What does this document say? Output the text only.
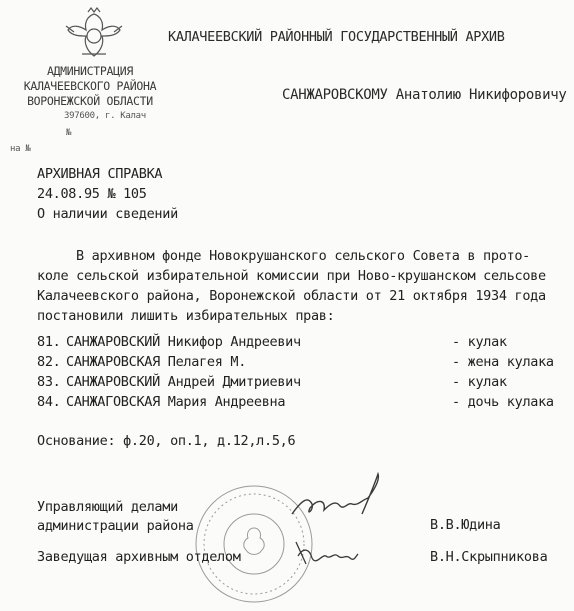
АДМИНИСТРАЦИЯ
КАЛАЧЕЕВСКОГО РАЙОНА
ВОРОНЕЖСКОЙ ОБЛАСТИ
397600, г. Калач
№
на №
КАЛАЧЕЕВСКИЙ РАЙОННЫЙ ГОСУДАРСТВЕННЫЙ АРХИВ
САНЖАРОВСКОМУ Анатолию Никифоровичу
АРХИВНАЯ СПРАВКА
24.08.95 № 105
О наличии сведений
В архивном фонде Новокрушанского сельского Совета в прото-
коле сельской избирательной комиссии при Ново-крушанском сельсове
Калачеевского района, Воронежской области от 21 октября 1934 года
постановили лишить избирательных прав:
81. САНЖАРОВСКИЙ Никифор Андреевич	- кулак
82. САНЖАРОВСКАЯ Пелагея М.	- жена кулака
83. САНЖАРОВСКИЙ Андрей Дмитриевич	- кулак
84. САНЖАГОВСКАЯ Мария Андреевна	- дочь кулака
Основание: ф.20, оп.1, д.12,л.5,6
Управляющий делами
администрации района	В.В.Юдина
Заведущая архивным отделом	В.Н.Скрыпникова
